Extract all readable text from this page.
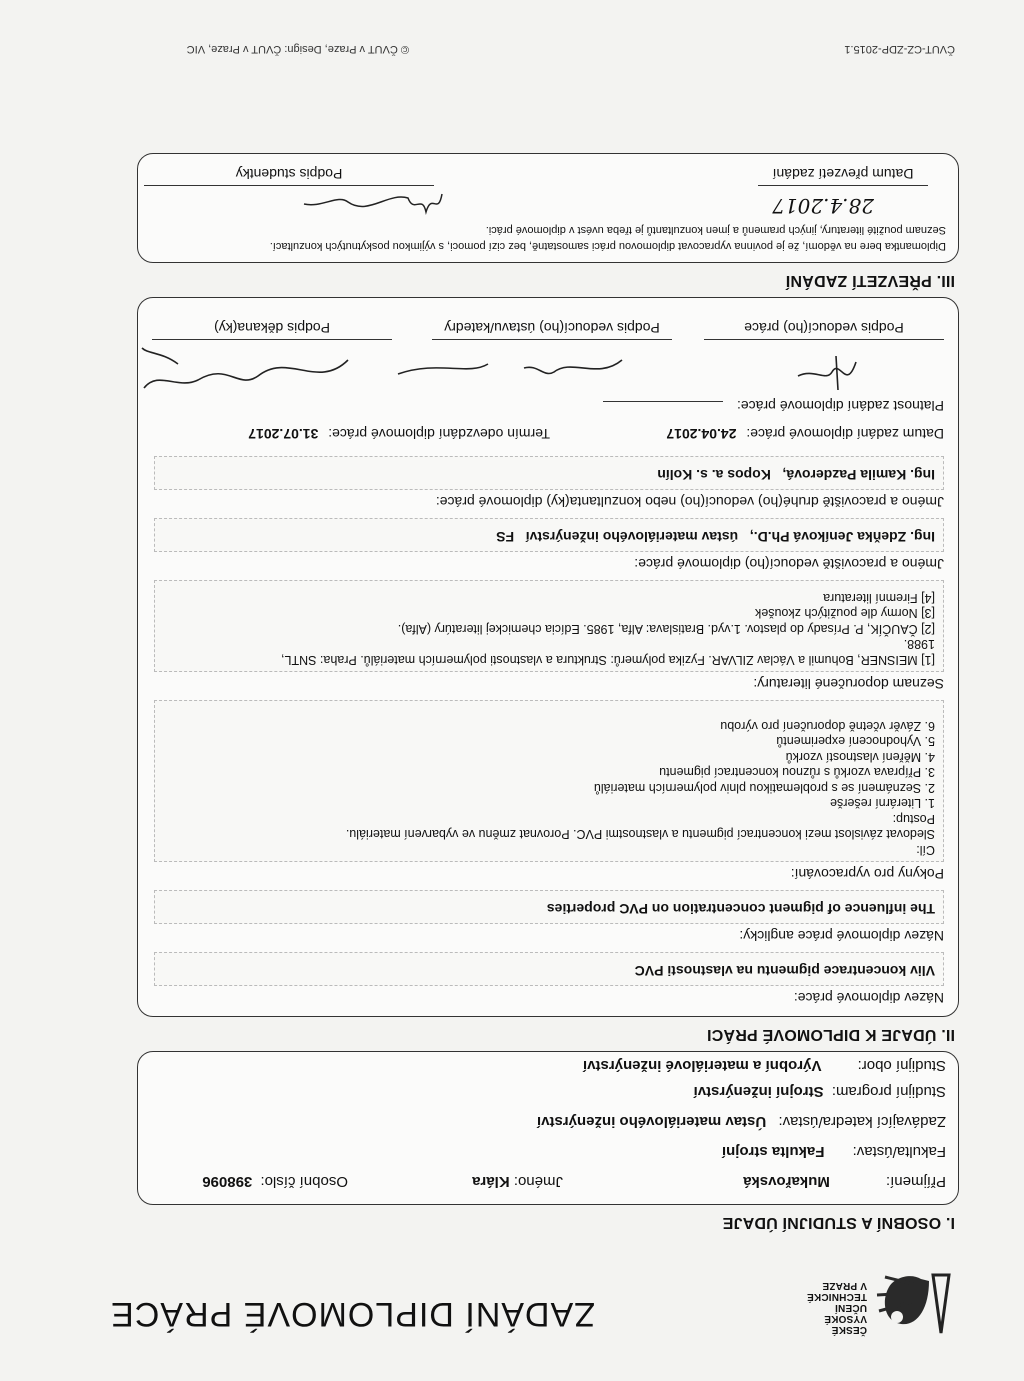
ČESKÉ
VYSOKÉ
UČENÍ
TECHNICKÉ
V PRAZE
ZADÁNÍ DIPLOMOVÉ PRÁCE
I. OSOBNÍ A STUDIJNÍ ÚDAJE
Příjmení: Mukařovská
Jméno: Klára
Osobní číslo: 398096
Fakulta/ústav: Fakulta strojní
Zadávající katedra/ústav: Ústav materiálového inženýrství
Studijní program: Strojní inženýrství
Studijní obor: Výrobní a materiálové inženýrství
II. ÚDAJE K DIPLOMOVÉ PRÁCI
Název diplomové práce:
Vliv koncentrace pigmentu na vlastnosti PVC
Název diplomové práce anglicky:
The influence of pigment concentration on PVC properties
Pokyny pro vypracování:
Cíl:
Sledovat závislost mezi koncentrací pigmentu a vlastnostmi PVC. Porovnat změnu ve vybarvení materiálu.
Postup:
1. Literární rešerše
2. Seznámení se s problematikou plniv polymerních materiálů
3. Příprava vzorků s různou koncentrací pigmentu
4. Měření vlastností vzorků
5. Vyhodnocení experimentů
6. Závěr včetně doporučení pro výrobu
Seznam doporučené literatury:
[1] MEISNER, Bohumil a Václav ZILVAR. Fyzika polymerů: Struktura a vlastnosti polymerních materiálů. Praha: SNTL,
1988.
[2] ČAUČÍK, P. Prísady do plastov. 1.vyd. Bratislava: Alfa, 1985. Edícia chemickej literatúry (Alfa).
[3] Normy dle použitých zkoušek
[4] Firemní literatura
Jméno a pracoviště vedoucí(ho) diplomové práce:
Ing. Zdeňka Jeníková Ph.D.,   ústav materiálového inženýrství   FS
Jméno a pracoviště druhé(ho) vedoucí(ho) nebo konzultanta(ky) diplomové práce:
Ing. Kamila Pazderová,   Kopos a. s. Kolín
Datum zadání diplomové práce: 24.04.2017
Termín odevzdání diplomové práce: 31.07.2017
Platnost zadání diplomové práce:
Podpis vedoucí(ho) práce
Podpis vedoucí(ho) ústavu/katedry
Podpis děkana(ky)
III. PŘEVZETÍ ZADÁNÍ
Diplomantka bere na vědomí, že je povinna vypracovat diplomovou práci samostatně, bez cizí pomoci, s výjimkou poskytnutých konzultací.
Seznam použité literatury, jiných pramenů a jmen konzultantů je třeba uvést v diplomové práci.
28.4.2017
Datum převzetí zadání
Podpis studentky
ČVUT-CZ-ZDP-2015.1
© ČVUT v Praze, Design: ČVUT v Praze, VIC
